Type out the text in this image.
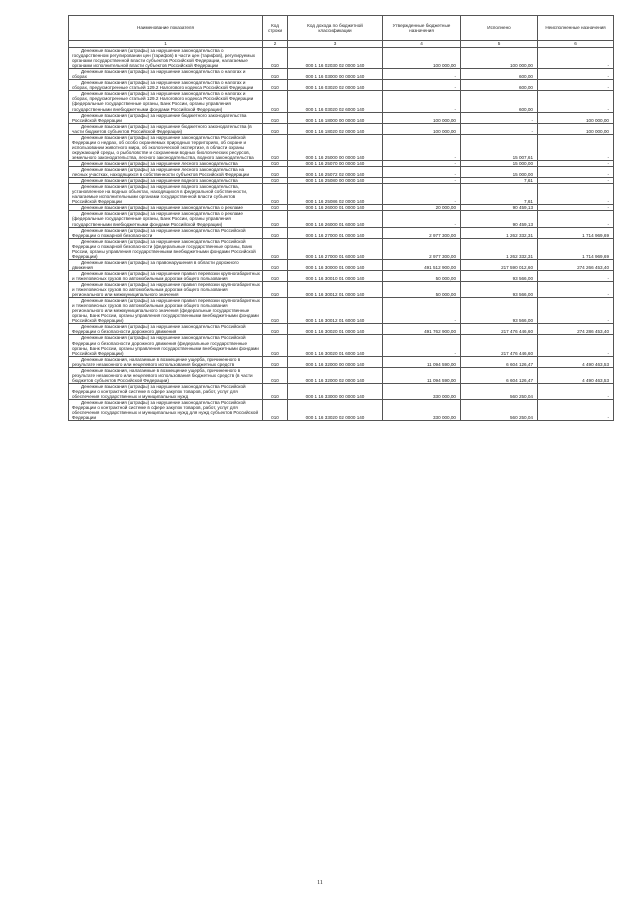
Наименование показателя	Код строки	Код дохода по бюджетной классификации	Утвержденные бюджетные назначения	Исполнено	Неисполненные назначения
1	2	3	4	5	6
Денежные взыскания (штрафы) за нарушение законодательства о государственном регулировании цен (тарифов) в части цен (тарифов), регулируемых органами государственной власти субъектов Российской Федерации, налагаемые органами исполнительной власти субъектов Российской Федерации	010	000 1 16 02030 02 0000 140	100 000,00	100 000,00	-
Денежные взыскания (штрафы) за нарушение законодательства о налогах и сборах	010	000 1 16 03000 00 0000 140	-	600,00	-
Денежные взыскания (штрафы) за нарушение законодательства о налогах и сборах, предусмотренные статьей 129.2 Налогового кодекса Российской Федерации	010	000 1 16 03020 02 0000 140	-	600,00	-
Денежные взыскания (штрафы) за нарушение законодательства о налогах и сборах, предусмотренные статьей 129.2 Налогового кодекса Российской Федерации (федеральные государственные органы, Банк России, органы управления государственными внебюджетными фондами Российской Федерации)	010	000 1 16 03020 02 6000 140	-	600,00	-
Денежные взыскания (штрафы) за нарушение бюджетного законодательства Российской Федерации	010	000 1 16 18000 00 0000 140	100 000,00	-	100 000,00
Денежные взыскания (штрафы) за нарушение бюджетного законодательства (в части бюджетов субъектов Российской Федерации)	010	000 1 16 18020 02 0000 140	100 000,00	-	100 000,00
Денежные взыскания (штрафы) за нарушение законодательства Российской Федерации о недрах, об особо охраняемых природных территориях, об охране и использовании животного мира, об экологической экспертизе, в области охраны окружающей среды, о рыболовстве и сохранении водных биологических ресурсов, земельного законодательства, лесного законодательства, водного законодательства	010	000 1 16 25000 00 0000 140	-	15 007,61	-
Денежные взыскания (штрафы) за нарушение лесного законодательства	010	000 1 16 25070 00 0000 140	-	15 000,00	-
Денежные взыскания (штрафы) за нарушение лесного законодательства на лесных участках, находящихся в собственности субъектов Российской Федерации	010	000 1 16 25072 02 0000 140	-	15 000,00	-
Денежные взыскания (штрафы) за нарушение водного законодательства	010	000 1 16 25080 00 0000 140	-	7,61	-
Денежные взыскания (штрафы) за нарушение водного законодательства, установленное на водных объектах, находящихся в федеральной собственности, налагаемые исполнительными органами государственной власти субъектов Российской Федерации	010	000 1 16 25086 02 0000 140	-	7,61	-
Денежные взыскания (штрафы) за нарушение законодательства о рекламе	010	000 1 16 26000 01 0000 140	20 000,00	90 459,13	-
Денежные взыскания (штрафы) за нарушение законодательства о рекламе (федеральные государственные органы, Банк России, органы управления государственными внебюджетными фондами Российской Федерации)	010	000 1 16 26000 01 6000 140	-	90 459,13	-
Денежные взыскания (штрафы) за нарушение законодательства Российской Федерации о пожарной безопасности	010	000 1 16 27000 01 0000 140	2 977 300,00	1 262 332,31	1 714 969,69
Денежные взыскания (штрафы) за нарушение законодательства Российской Федерации о пожарной безопасности (федеральные государственные органы, Банк России, органы управления государственными внебюджетными фондами Российской Федерации)	010	000 1 16 27000 01 6000 140	2 977 300,00	1 262 332,31	1 714 969,69
Денежные взыскания (штрафы) за правонарушения в области дорожного движения	010	000 1 16 30000 01 0000 140	491 512 900,00	217 590 012,60	274 266 453,40
Денежные взыскания (штрафы) за нарушение правил перевозки крупногабаритных и тяжеловесных грузов по автомобильным дорогам общего пользования	010	000 1 16 30010 01 0000 140	50 000,00	93 566,00	-
Денежные взыскания (штрафы) за нарушение правил перевозки крупногабаритных и тяжеловесных грузов по автомобильным дорогам общего пользования регионального или межмуниципального значения	010	000 1 16 30012 01 0000 140	50 000,00	93 566,00	-
Денежные взыскания (штрафы) за нарушение правил перевозки крупногабаритных и тяжеловесных грузов по автомобильным дорогам общего пользования регионального или межмуниципального значения (федеральные государственные органы, Банк России, органы управления государственными внебюджетными фондами Российской Федерации)	010	000 1 16 30012 01 6000 140	-	93 566,00	-
Денежные взыскания (штрафы) за нарушение законодательства Российской Федерации о безопасности дорожного движения	010	000 1 16 30020 01 0000 140	491 762 900,00	217 476 446,60	274 286 453,40
Денежные взыскания (штрафы) за нарушение законодательства Российской Федерации о безопасности дорожного движения (федеральные государственные органы, Банк России, органы управления государственными внебюджетными фондами Российской Федерации)	010	000 1 16 30020 01 6000 140	-	217 476 446,60	-
Денежные взыскания, налагаемые в возмещение ущерба, причиненного в результате незаконного или нецелевого использования бюджетных средств	010	000 1 16 32000 00 0000 140	11 094 590,00	6 604 126,47	4 490 463,53
Денежные взыскания, налагаемые в возмещение ущерба, причиненного в результате незаконного или нецелевого использования бюджетных средств (в части бюджетов субъектов Российской Федерации)	010	000 1 16 32000 02 0000 140	11 094 590,00	6 604 126,47	4 490 463,53
Денежные взыскания (штрафы) за нарушение законодательства Российской Федерации о контрактной системе в сфере закупок товаров, работ, услуг для обеспечения государственных и муниципальных нужд	010	000 1 16 33000 00 0000 140	330 000,00	560 250,04	-
Денежные взыскания (штрафы) за нарушение законодательства Российской Федерации о контрактной системе в сфере закупок товаров, работ, услуг для обеспечения государственных и муниципальных нужд для нужд субъектов Российской Федерации	010	000 1 16 33020 02 0000 140	330 000,00	560 250,04	-
11
